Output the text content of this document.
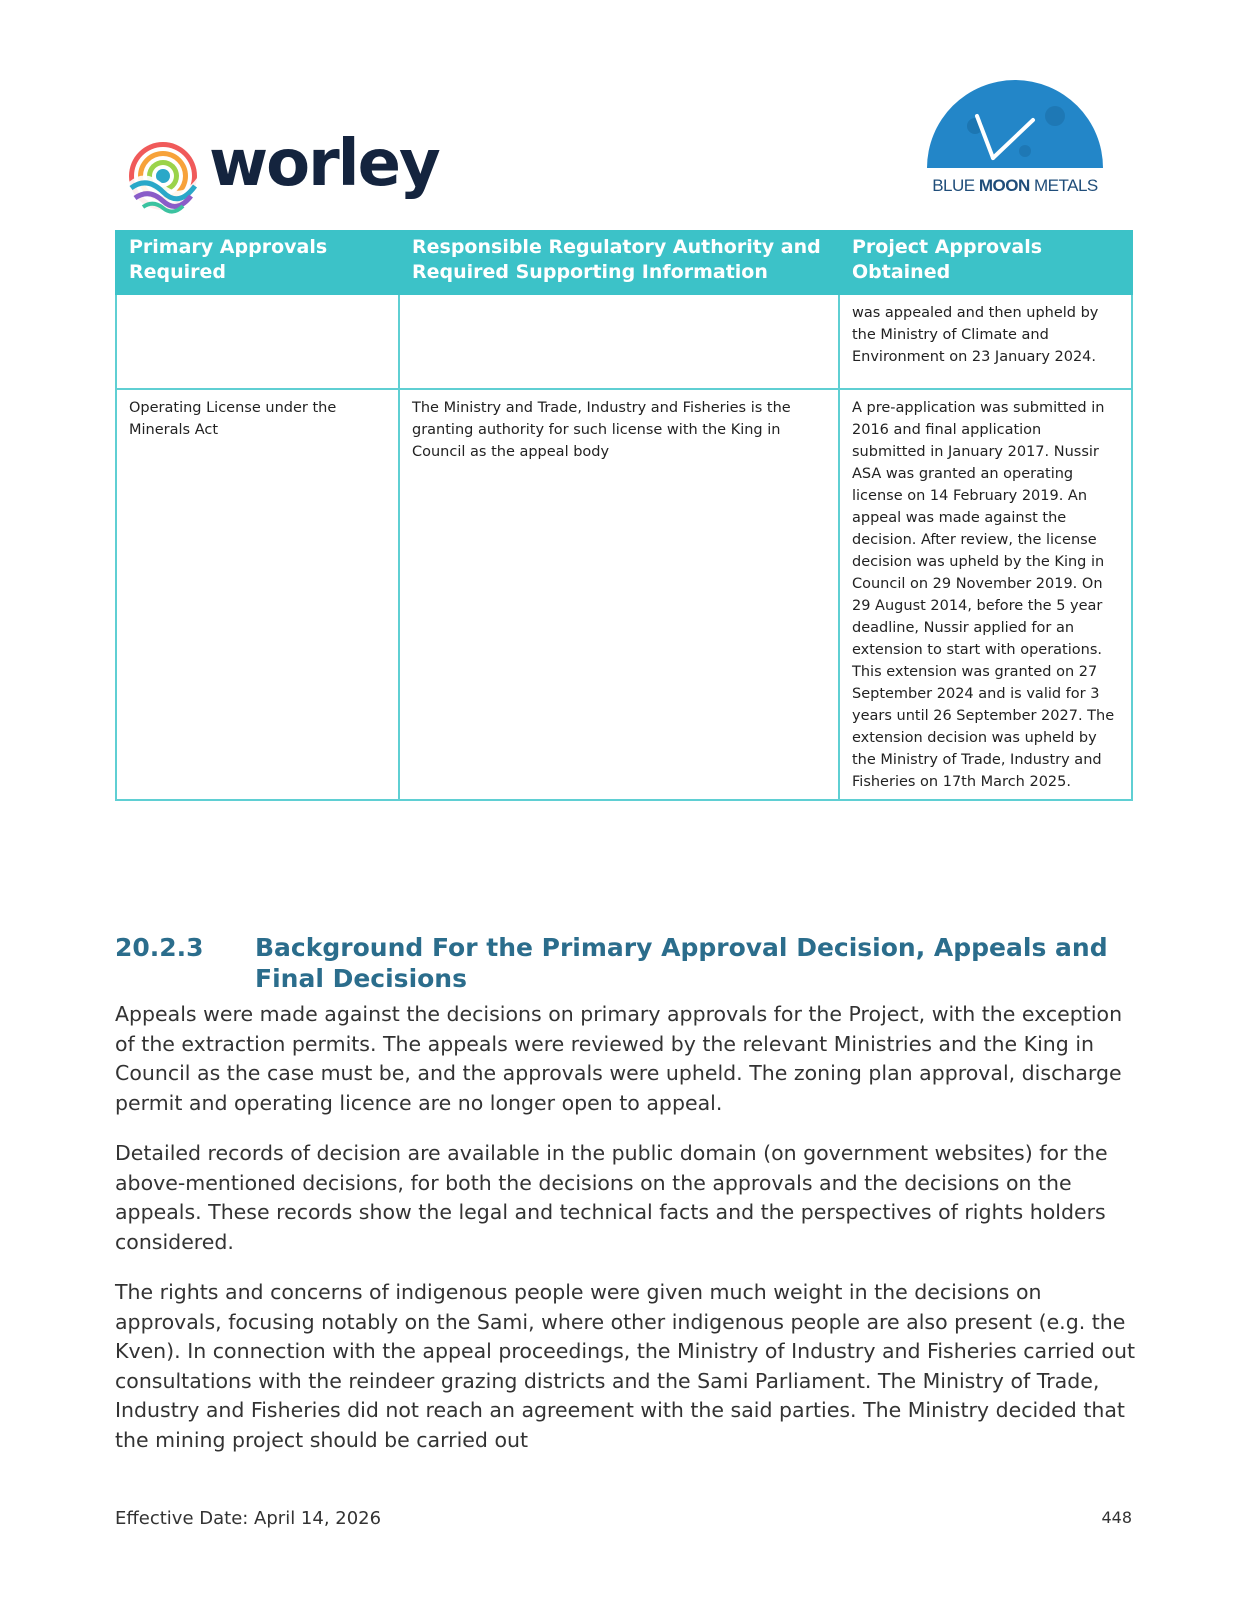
worley	BLUE MOON METALS
Primary Approvals Required	Responsible Regulatory Authority and Required Supporting Information	Project Approvals Obtained
		was appealed and then upheld by the Ministry of Climate and Environment on 23 January 2024.
Operating License under the Minerals Act	The Ministry and Trade, Industry and Fisheries is the granting authority for such license with the King in Council as the appeal body	A pre-application was submitted in 2016 and final application submitted in January 2017. Nussir ASA was granted an operating license on 14 February 2019. An appeal was made against the decision. After review, the license decision was upheld by the King in Council on 29 November 2019. On 29 August 2014, before the 5 year deadline, Nussir applied for an extension to start with operations. This extension was granted on 27 September 2024 and is valid for 3 years until 26 September 2027. The extension decision was upheld by the Ministry of Trade, Industry and Fisheries on 17th March 2025.
20.2.3 Background For the Primary Approval Decision, Appeals and Final Decisions

Appeals were made against the decisions on primary approvals for the Project, with the exception of the extraction permits. The appeals were reviewed by the relevant Ministries and the King in Council as the case must be, and the approvals were upheld. The zoning plan approval, discharge permit and operating licence are no longer open to appeal.

Detailed records of decision are available in the public domain (on government websites) for the above-mentioned decisions, for both the decisions on the approvals and the decisions on the appeals. These records show the legal and technical facts and the perspectives of rights holders considered.

The rights and concerns of indigenous people were given much weight in the decisions on approvals, focusing notably on the Sami, where other indigenous people are also present (e.g. the Kven). In connection with the appeal proceedings, the Ministry of Industry and Fisheries carried out consultations with the reindeer grazing districts and the Sami Parliament. The Ministry of Trade, Industry and Fisheries did not reach an agreement with the said parties. The Ministry decided that the mining project should be carried out

Effective Date: April 14, 2026	448
